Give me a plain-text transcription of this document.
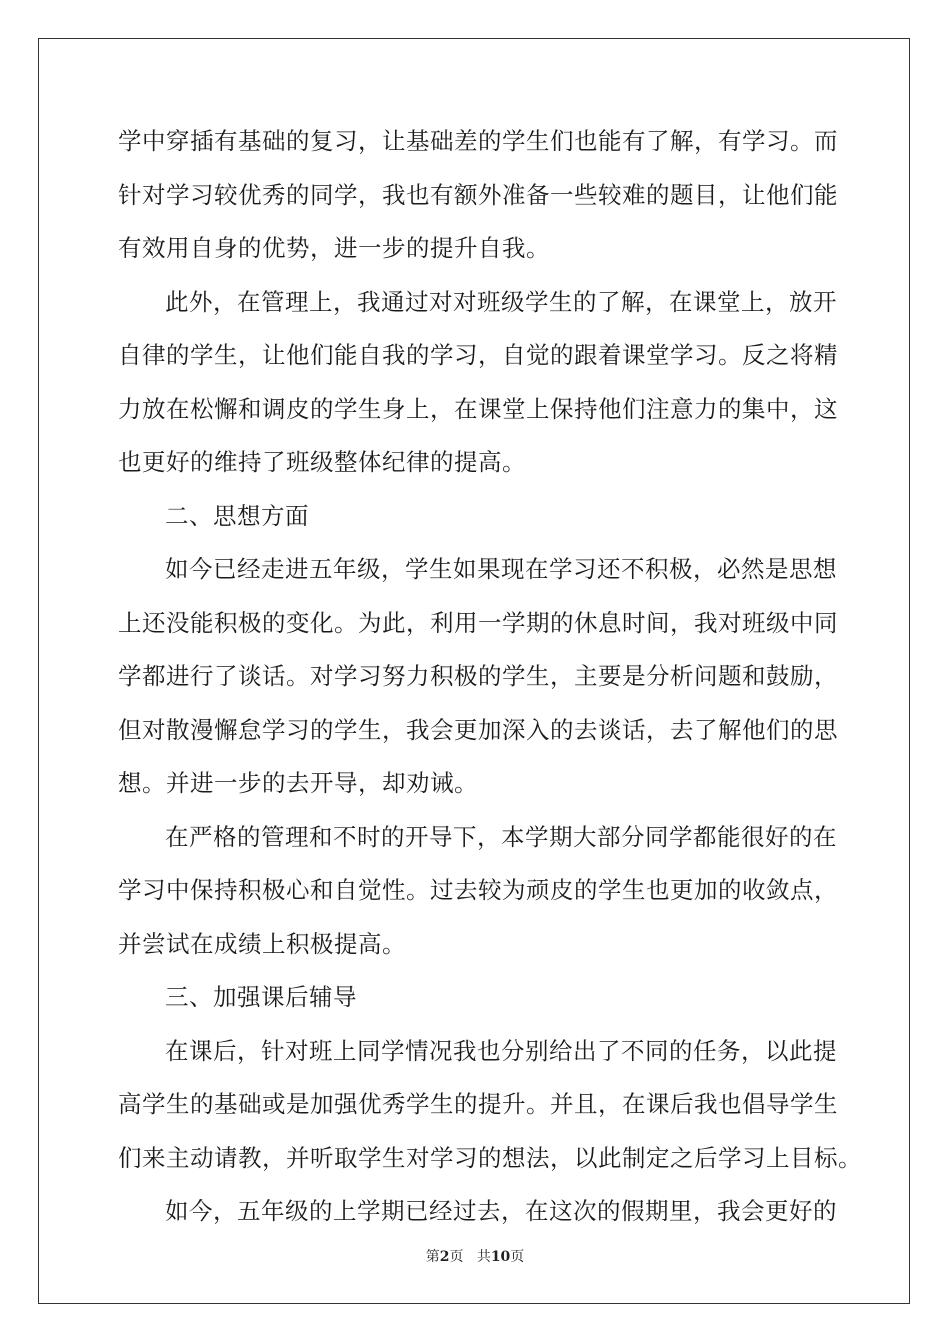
学中穿插有基础的复习，让基础差的学生们也能有了解，有学习。而
针对学习较优秀的同学，我也有额外准备一些较难的题目，让他们能
有效用自身的优势，进一步的提升自我。
此外，在管理上，我通过对对班级学生的了解，在课堂上，放开
自律的学生，让他们能自我的学习，自觉的跟着课堂学习。反之将精
力放在松懈和调皮的学生身上，在课堂上保持他们注意力的集中，这
也更好的维持了班级整体纪律的提高。
二、思想方面
如今已经走进五年级，学生如果现在学习还不积极，必然是思想
上还没能积极的变化。为此，利用一学期的休息时间，我对班级中同
学都进行了谈话。对学习努力积极的学生，主要是分析问题和鼓励，
但对散漫懈怠学习的学生，我会更加深入的去谈话，去了解他们的思
想。并进一步的去开导，却劝诫。
在严格的管理和不时的开导下，本学期大部分同学都能很好的在
学习中保持积极心和自觉性。过去较为顽皮的学生也更加的收敛点，
并尝试在成绩上积极提高。
三、加强课后辅导
在课后，针对班上同学情况我也分别给出了不同的任务，以此提
高学生的基础或是加强优秀学生的提升。并且，在课后我也倡导学生
们来主动请教，并听取学生对学习的想法，以此制定之后学习上目标。
如今，五年级的上学期已经过去，在这次的假期里，我会更好的
第2页 共10页
